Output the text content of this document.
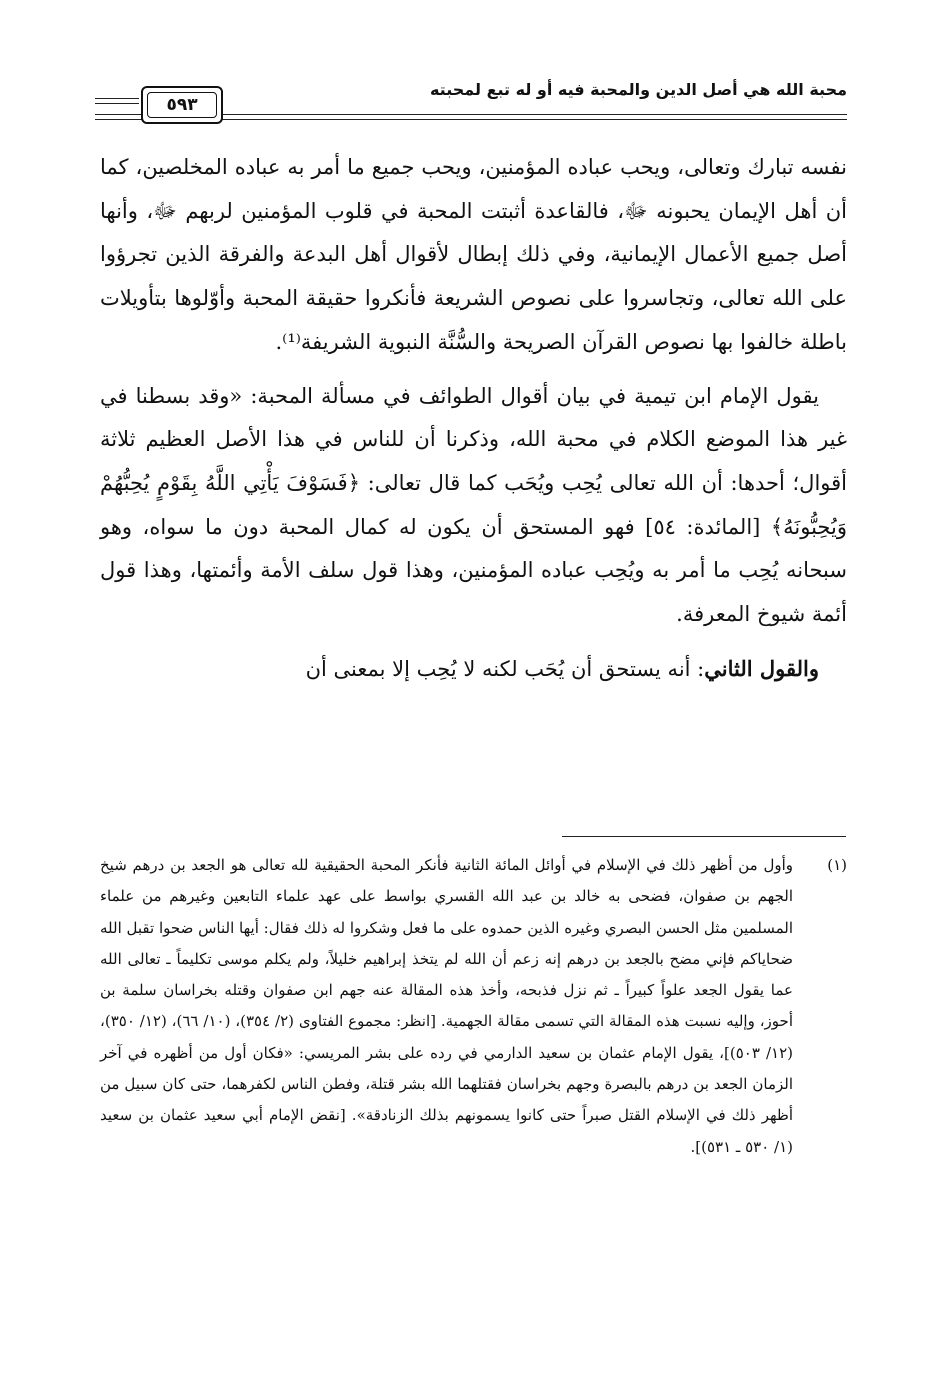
محبة الله هي أصل الدين والمحبة فيه أو له تبع لمحبته
٥٩٣

نفسه تبارك وتعالى، ويحب عباده المؤمنين، ويحب جميع ما أمر به عباده المخلصين، كما أن أهل الإيمان يحبونه ﷻ، فالقاعدة أثبتت المحبة في قلوب المؤمنين لربهم ﷻ، وأنها أصل جميع الأعمال الإيمانية، وفي ذلك إبطال لأقوال أهل البدعة والفرقة الذين تجرؤوا على الله تعالى، وتجاسروا على نصوص الشريعة فأنكروا حقيقة المحبة وأوّلوها بتأويلات باطلة خالفوا بها نصوص القرآن الصريحة والسُّنَّة النبوية الشريفة⁽¹⁾.

يقول الإمام ابن تيمية في بيان أقوال الطوائف في مسألة المحبة: «وقد بسطنا في غير هذا الموضع الكلام في محبة الله، وذكرنا أن للناس في هذا الأصل العظيم ثلاثة أقوال؛ أحدها: أن الله تعالى يُحِب ويُحَب كما قال تعالى: ﴿فَسَوْفَ يَأْتِي اللَّهُ بِقَوْمٍ يُحِبُّهُمْ وَيُحِبُّونَهُ﴾ [المائدة: ٥٤] فهو المستحق أن يكون له كمال المحبة دون ما سواه، وهو سبحانه يُحِب ما أمر به ويُحِب عباده المؤمنين، وهذا قول سلف الأمة وأئمتها، وهذا قول أئمة شيوخ المعرفة.

والقول الثاني: أنه يستحق أن يُحَب لكنه لا يُحِب إلا بمعنى أن

(١)
وأول من أظهر ذلك في الإسلام في أوائل المائة الثانية فأنكر المحبة الحقيقية لله تعالى هو الجعد بن درهم شيخ الجهم بن صفوان، فضحى به خالد بن عبد الله القسري بواسط على عهد علماء التابعين وغيرهم من علماء المسلمين مثل الحسن البصري وغيره الذين حمدوه على ما فعل وشكروا له ذلك فقال: أيها الناس ضحوا تقبل الله ضحاياكم فإني مضح بالجعد بن درهم إنه زعم أن الله لم يتخذ إبراهيم خليلاً، ولم يكلم موسى تكليماً ـ تعالى الله عما يقول الجعد علواً كبيراً ـ ثم نزل فذبحه، وأخذ هذه المقالة عنه جهم ابن صفوان وقتله بخراسان سلمة بن أحوز، وإليه نسبت هذه المقالة التي تسمى مقالة الجهمية. [انظر: مجموع الفتاوى (٢/ ٣٥٤)، (١٠/ ٦٦)، (١٢/ ٣٥٠)، (١٢/ ٥٠٣)]، يقول الإمام عثمان بن سعيد الدارمي في رده على بشر المريسي: «فكان أول من أظهره في آخر الزمان الجعد بن درهم بالبصرة وجهم بخراسان فقتلهما الله بشر قتلة، وفطن الناس لكفرهما، حتى كان سبيل من أظهر ذلك في الإسلام القتل صبراً حتى كانوا يسمونهم بذلك الزنادقة». [نقض الإمام أبي سعيد عثمان بن سعيد (١/ ٥٣٠ ـ ٥٣١)].
